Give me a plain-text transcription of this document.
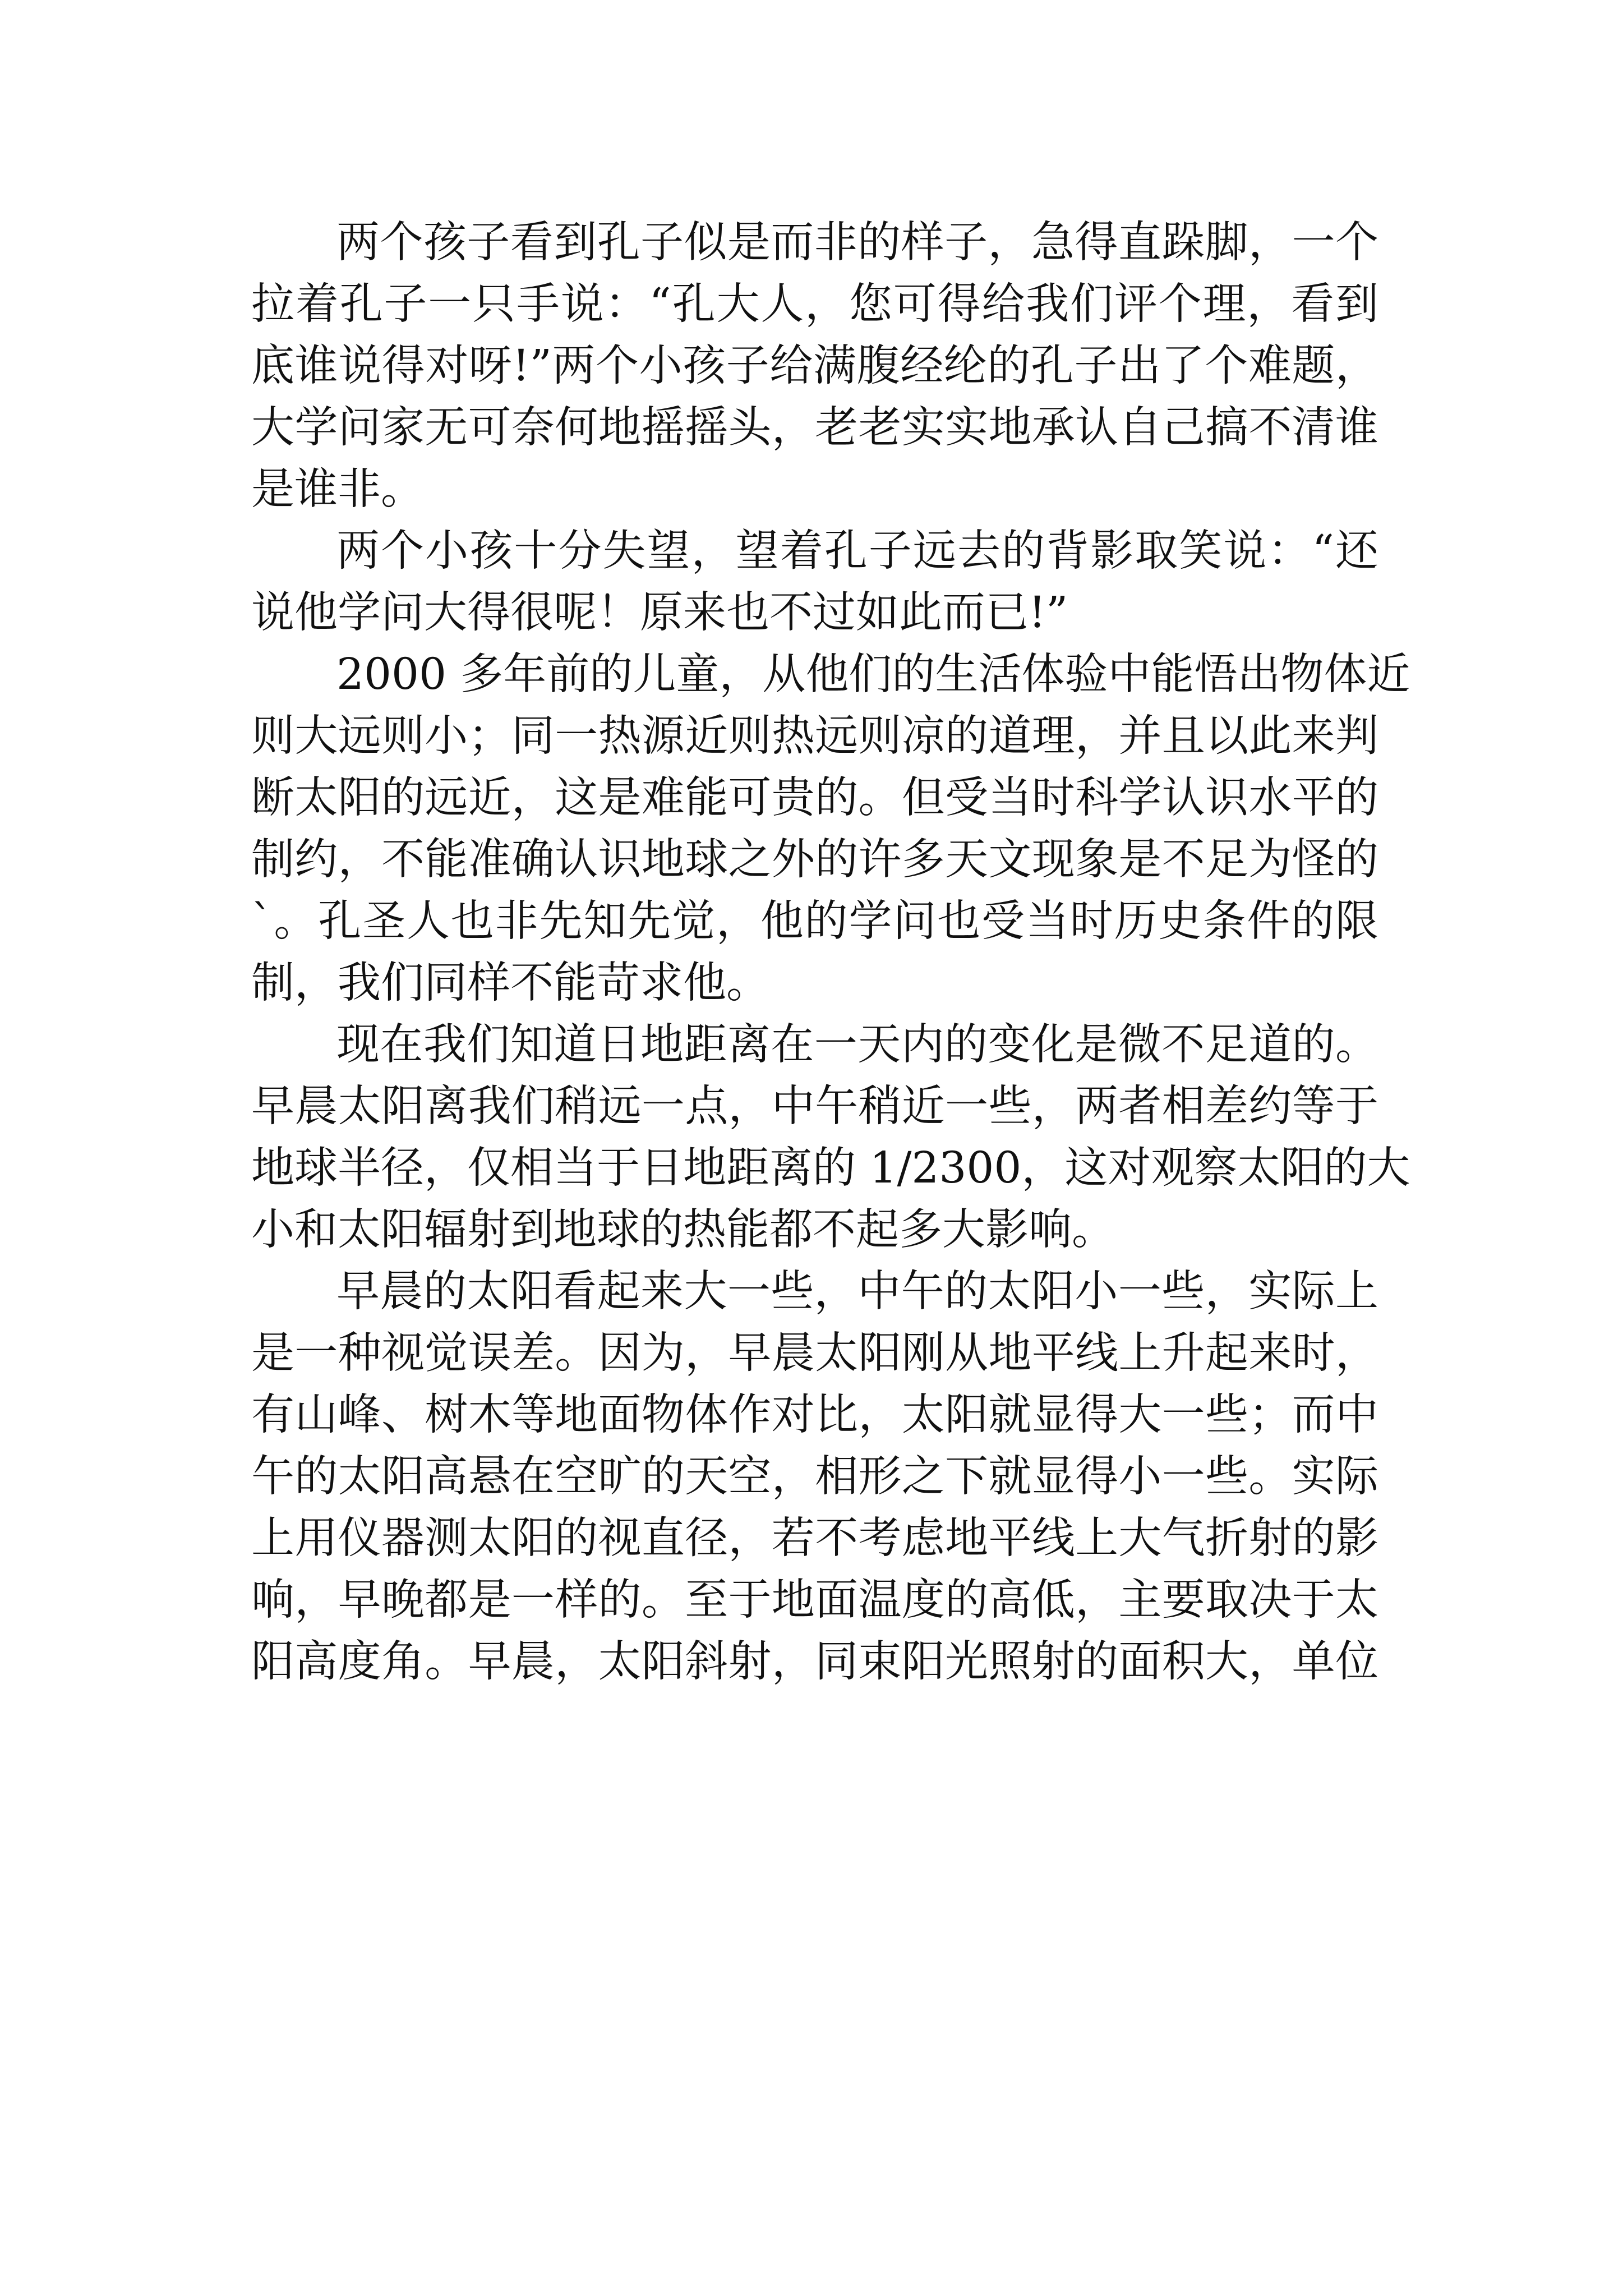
两个孩子看到孔子似是而非的样子，急得直跺脚，一个
拉着孔子一只手说：“孔大人，您可得给我们评个理，看到
底谁说得对呀!”两个小孩子给满腹经纶的孔子出了个难题，
大学问家无可奈何地摇摇头，老老实实地承认自己搞不清谁
是谁非。
两个小孩十分失望，望着孔子远去的背影取笑说：“还
说他学问大得很呢！原来也不过如此而已!”
2000 多年前的儿童，从他们的生活体验中能悟出物体近
则大远则小；同一热源近则热远则凉的道理，并且以此来判
断太阳的远近，这是难能可贵的。但受当时科学认识水平的
制约，不能准确认识地球之外的许多天文现象是不足为怪的
`。孔圣人也非先知先觉，他的学问也受当时历史条件的限
制，我们同样不能苛求他。
现在我们知道日地距离在一天内的变化是微不足道的。
早晨太阳离我们稍远一点，中午稍近一些，两者相差约等于
地球半径，仅相当于日地距离的 1/2300，这对观察太阳的大
小和太阳辐射到地球的热能都不起多大影响。
早晨的太阳看起来大一些，中午的太阳小一些，实际上
是一种视觉误差。因为，早晨太阳刚从地平线上升起来时，
有山峰、树木等地面物体作对比，太阳就显得大一些；而中
午的太阳高悬在空旷的天空，相形之下就显得小一些。实际
上用仪器测太阳的视直径，若不考虑地平线上大气折射的影
响，早晚都是一样的。至于地面温度的高低，主要取决于太
阳高度角。早晨，太阳斜射，同束阳光照射的面积大，单位
